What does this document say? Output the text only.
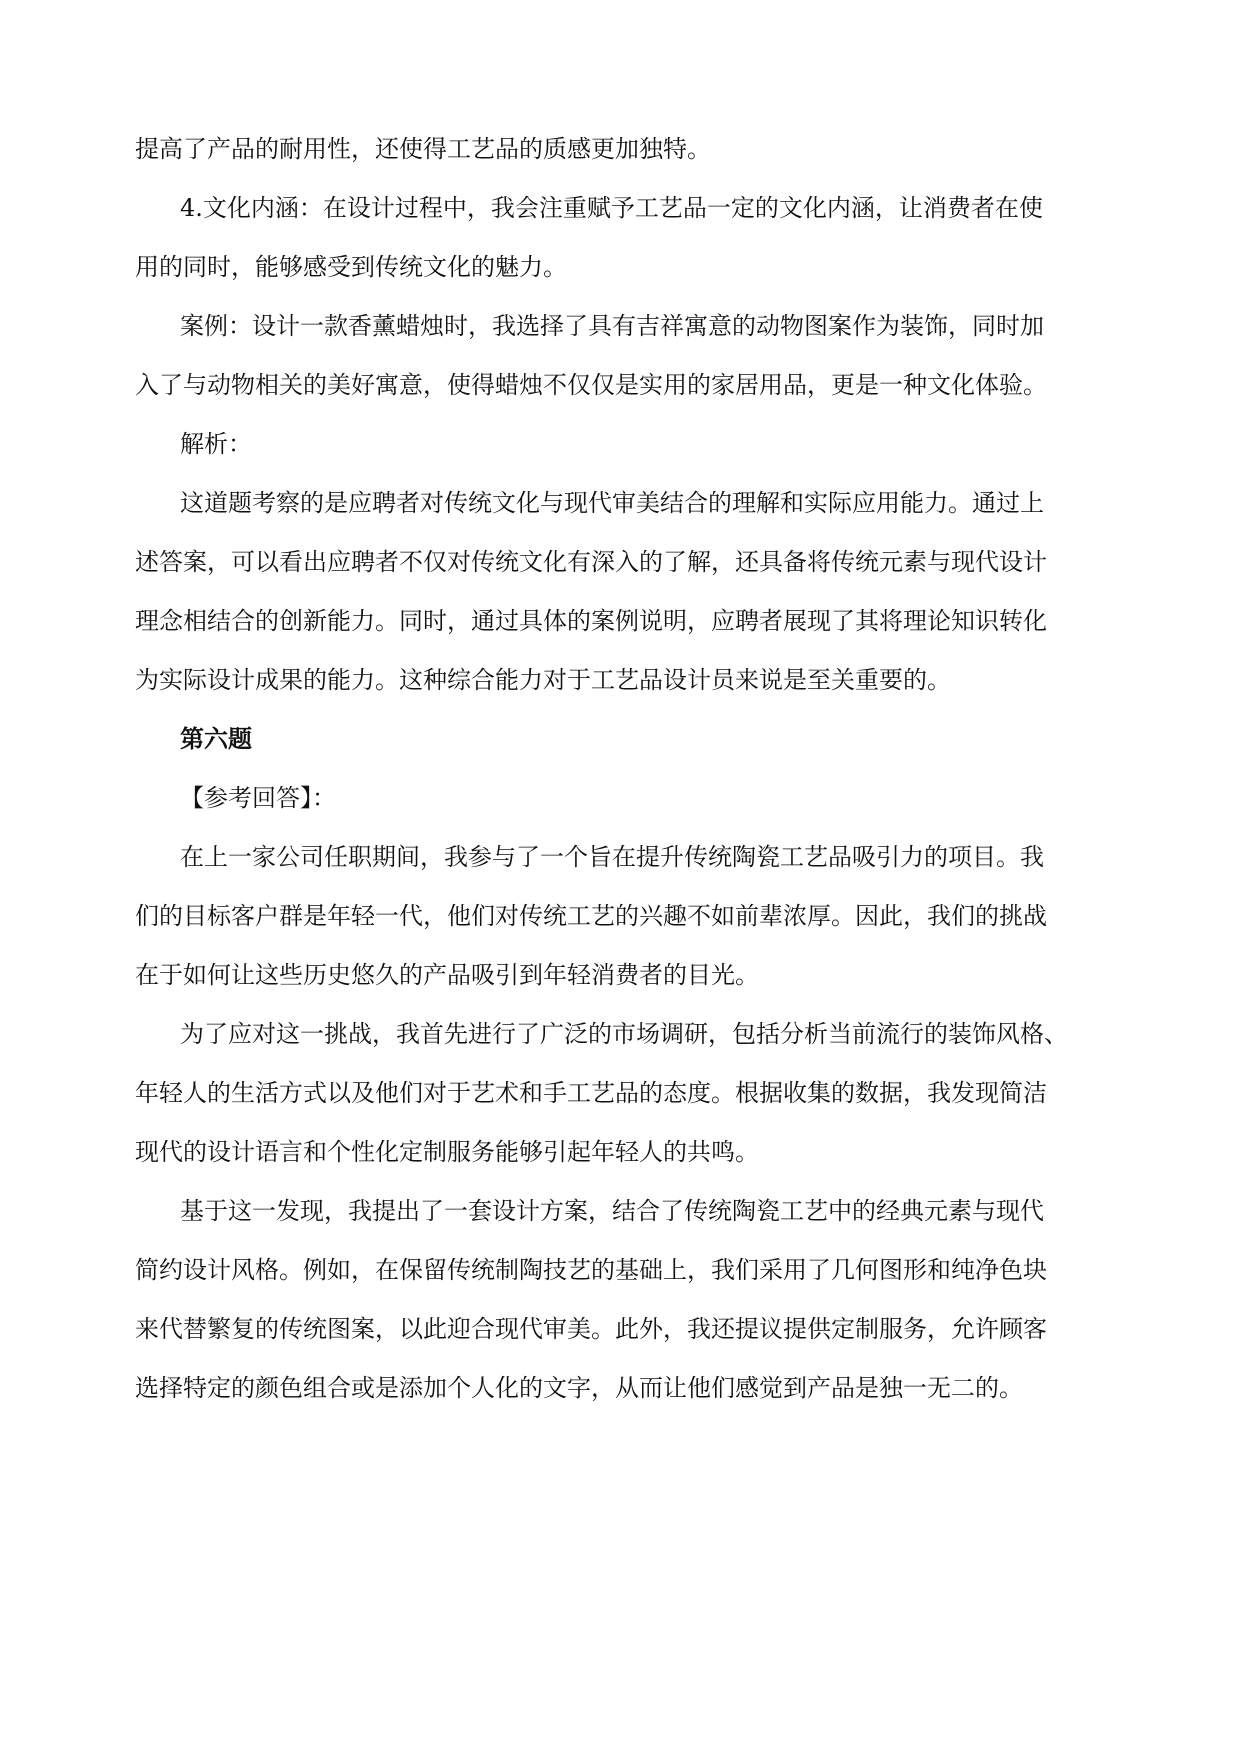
提高了产品的耐用性，还使得工艺品的质感更加独特。
4.文化内涵：在设计过程中，我会注重赋予工艺品一定的文化内涵，让消费者在使
用的同时，能够感受到传统文化的魅力。
案例：设计一款香薰蜡烛时，我选择了具有吉祥寓意的动物图案作为装饰，同时加
入了与动物相关的美好寓意，使得蜡烛不仅仅是实用的家居用品，更是一种文化体验。
解析：
这道题考察的是应聘者对传统文化与现代审美结合的理解和实际应用能力。通过上
述答案，可以看出应聘者不仅对传统文化有深入的了解，还具备将传统元素与现代设计
理念相结合的创新能力。同时，通过具体的案例说明，应聘者展现了其将理论知识转化
为实际设计成果的能力。这种综合能力对于工艺品设计员来说是至关重要的。
第六题
【参考回答】：
在上一家公司任职期间，我参与了一个旨在提升传统陶瓷工艺品吸引力的项目。我
们的目标客户群是年轻一代，他们对传统工艺的兴趣不如前辈浓厚。因此，我们的挑战
在于如何让这些历史悠久的产品吸引到年轻消费者的目光。
为了应对这一挑战，我首先进行了广泛的市场调研，包括分析当前流行的装饰风格、
年轻人的生活方式以及他们对于艺术和手工艺品的态度。根据收集的数据，我发现简洁
现代的设计语言和个性化定制服务能够引起年轻人的共鸣。
基于这一发现，我提出了一套设计方案，结合了传统陶瓷工艺中的经典元素与现代
简约设计风格。例如，在保留传统制陶技艺的基础上，我们采用了几何图形和纯净色块
来代替繁复的传统图案，以此迎合现代审美。此外，我还提议提供定制服务，允许顾客
选择特定的颜色组合或是添加个人化的文字，从而让他们感觉到产品是独一无二的。
